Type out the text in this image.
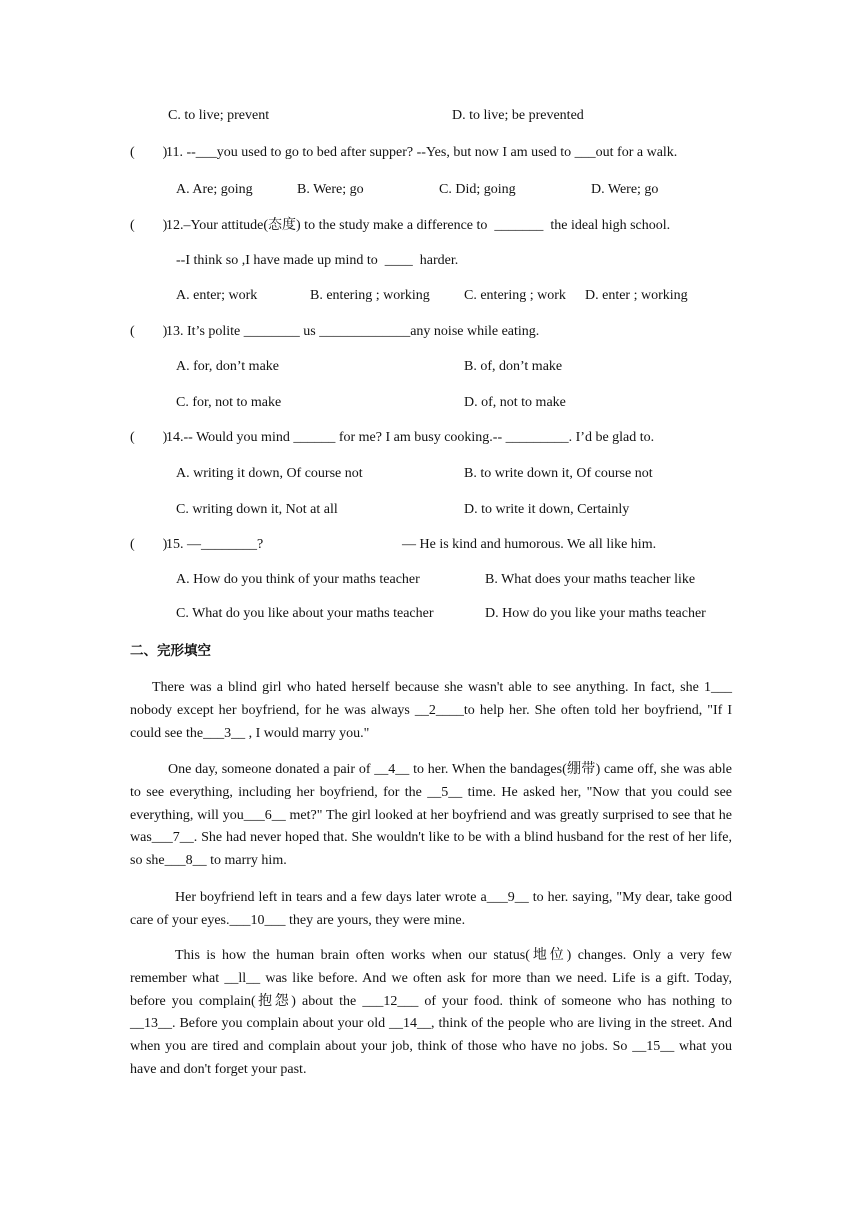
C. to live; prevent	D. to live; be prevented
(        )
11. --___you used to go to bed after supper? --Yes, but now I am used to ___out for a walk.
A. Are; going	B. Were; go	C. Did; going	D. Were; go
(        )
12.–Your attitude(态度) to the study make a difference to  _______  the ideal high school.
--I think so ,I have made up mind to  ____  harder.
A. enter; work	B. entering ; working C. entering ; work D. enter ; working
(        )
13. It’s polite ________ us _____________any noise while eating.
A. for, don’t make	B. of, don’t make
C. for, not to make	D. of, not to make
(        )
14.-- Would you mind ______ for me? I am busy cooking.-- _________. I’d be glad to.
A. writing it down, Of course not	B. to write down it, Of course not
C. writing down it, Not at all	D. to write it down, Certainly
(        )
15. —________?	— He is kind and humorous. We all like him.
A. How do you think of your maths teacher	B. What does your maths teacher like
C. What do you like about your maths teacher	D. How do you like your maths teacher
二、完形填空
There was a blind girl who hated herself because she wasn't able to see anything. In fact, she 1___ nobody except her boyfriend, for he was always __2____to help her. She often told her boyfriend, "If I could see the___3__ , I would marry you."
One day, someone donated a pair of __4__ to her. When the bandages(绷带) came off, she was able to see everything, including her boyfriend, for the __5__ time. He asked her, "Now that you could see everything, will you___6__ met?" The girl looked at her boyfriend and was greatly surprised to see that he was___7__. She had never hoped that. She wouldn't like to be with a blind husband for the rest of her life, so she___8__ to marry him.
Her boyfriend left in tears and a few days later wrote a___9__ to her. saying, "My dear, take good care of your eyes.___10___ they are yours, they were mine.
This is how the human brain often works when our status(地位) changes. Only a very few remember what __ll__ was like before. And we often ask for more than we need. Life is a gift. Today, before you complain(抱怨) about the ___12___ of your food. think of someone who has nothing to __13__. Before you complain about your old __14__, think of the people who are living in the street. And when you are tired and complain about your job, think of those who have no jobs. So __15__ what you have and don't forget your past.
